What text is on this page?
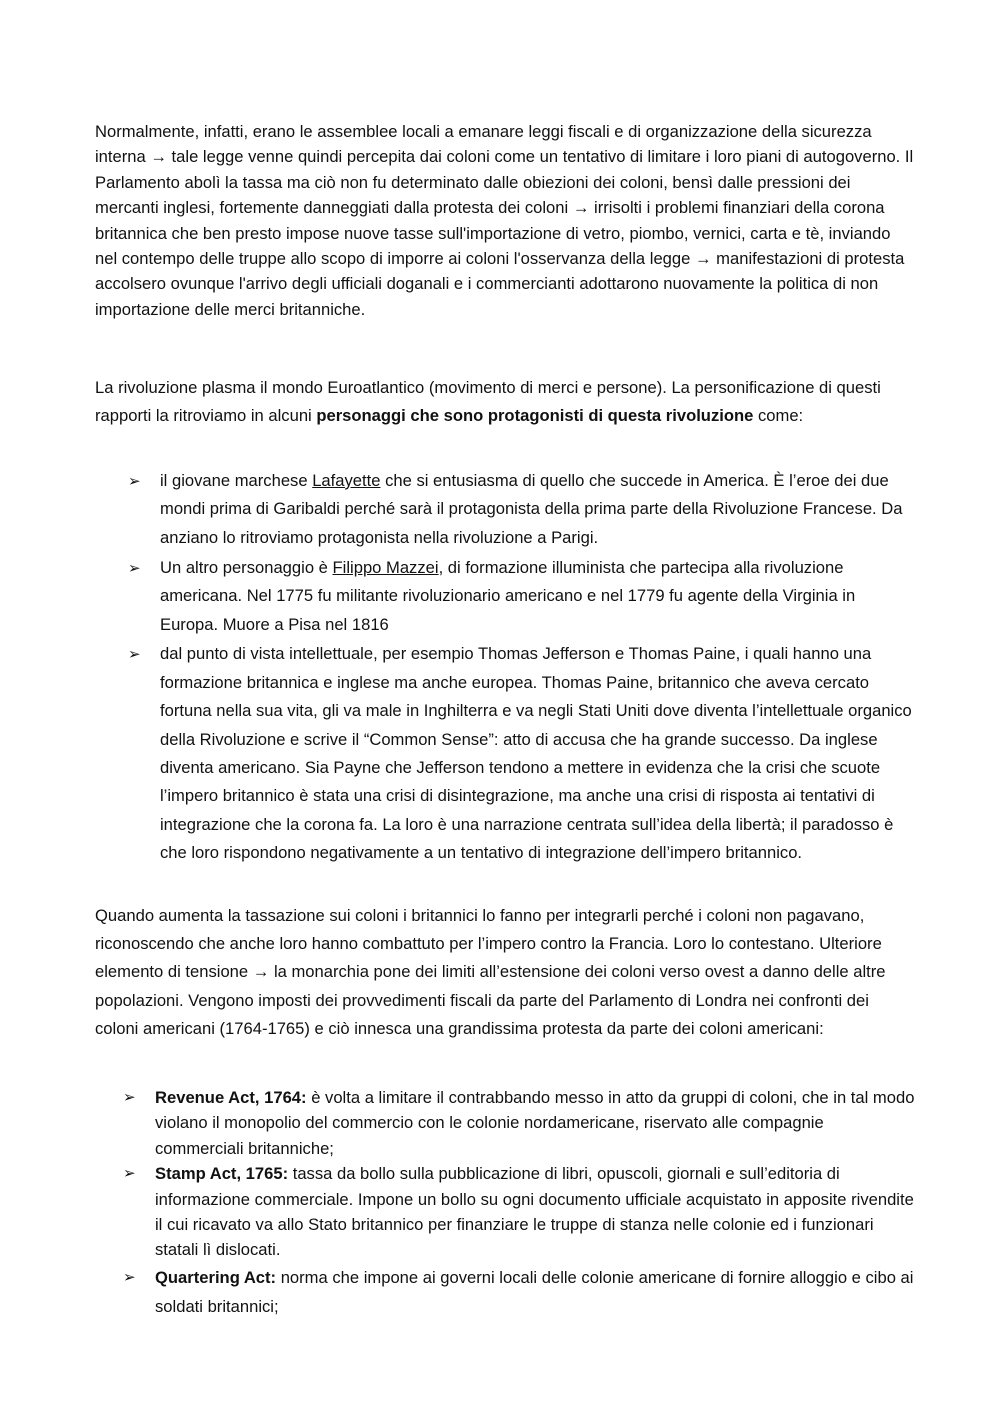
Normalmente, infatti, erano le assemblee locali a emanare leggi fiscali e di organizzazione della sicurezza interna → tale legge venne quindi percepita dai coloni come un tentativo di limitare i loro piani di autogoverno. Il Parlamento abolì la tassa ma ciò non fu determinato dalle obiezioni dei coloni, bensì dalle pressioni dei mercanti inglesi, fortemente danneggiati dalla protesta dei coloni → irrisolti i problemi finanziari della corona britannica che ben presto impose nuove tasse sull'importazione di vetro, piombo, vernici, carta e tè, inviando nel contempo delle truppe allo scopo di imporre ai coloni l'osservanza della legge → manifestazioni di protesta accolsero ovunque l'arrivo degli ufficiali doganali e i commercianti adottarono nuovamente la politica di non importazione delle merci britanniche.

La rivoluzione plasma il mondo Euroatlantico (movimento di merci e persone). La personificazione di questi rapporti la ritroviamo in alcuni personaggi che sono protagonisti di questa rivoluzione come:

➢	il giovane marchese Lafayette che si entusiasma di quello che succede in America. È l’eroe dei due mondi prima di Garibaldi perché sarà il protagonista della prima parte della Rivoluzione Francese. Da anziano lo ritroviamo protagonista nella rivoluzione a Parigi.
➢	Un altro personaggio è Filippo Mazzei, di formazione illuminista che partecipa alla rivoluzione americana. Nel 1775 fu militante rivoluzionario americano e nel 1779 fu agente della Virginia in Europa. Muore a Pisa nel 1816
➢	dal punto di vista intellettuale, per esempio Thomas Jefferson e Thomas Paine, i quali hanno una formazione britannica e inglese ma anche europea. Thomas Paine, britannico che aveva cercato fortuna nella sua vita, gli va male in Inghilterra e va negli Stati Uniti dove diventa l’intellettuale organico della Rivoluzione e scrive il “Common Sense”: atto di accusa che ha grande successo. Da inglese diventa americano. Sia Payne che Jefferson tendono a mettere in evidenza che la crisi che scuote l’impero britannico è stata una crisi di disintegrazione, ma anche una crisi di risposta ai tentativi di integrazione che la corona fa. La loro è una narrazione centrata sull’idea della libertà; il paradosso è che loro rispondono negativamente a un tentativo di integrazione dell’impero britannico.

Quando aumenta la tassazione sui coloni i britannici lo fanno per integrarli perché i coloni non pagavano, riconoscendo che anche loro hanno combattuto per l’impero contro la Francia. Loro lo contestano. Ulteriore elemento di tensione → la monarchia pone dei limiti all’estensione dei coloni verso ovest a danno delle altre popolazioni. Vengono imposti dei provvedimenti fiscali da parte del Parlamento di Londra nei confronti dei coloni americani (1764-1765) e ciò innesca una grandissima protesta da parte dei coloni americani:

➢	Revenue Act, 1764: è volta a limitare il contrabbando messo in atto da gruppi di coloni, che in tal modo violano il monopolio del commercio con le colonie nordamericane, riservato alle compagnie commerciali britanniche;
➢	Stamp Act, 1765: tassa da bollo sulla pubblicazione di libri, opuscoli, giornali e sull’editoria di informazione commerciale. Impone un bollo su ogni documento ufficiale acquistato in apposite rivendite il cui ricavato va allo Stato britannico per finanziare le truppe di stanza nelle colonie ed i funzionari statali lì dislocati.
➢	Quartering Act: norma che impone ai governi locali delle colonie americane di fornire alloggio e cibo ai soldati britannici;
